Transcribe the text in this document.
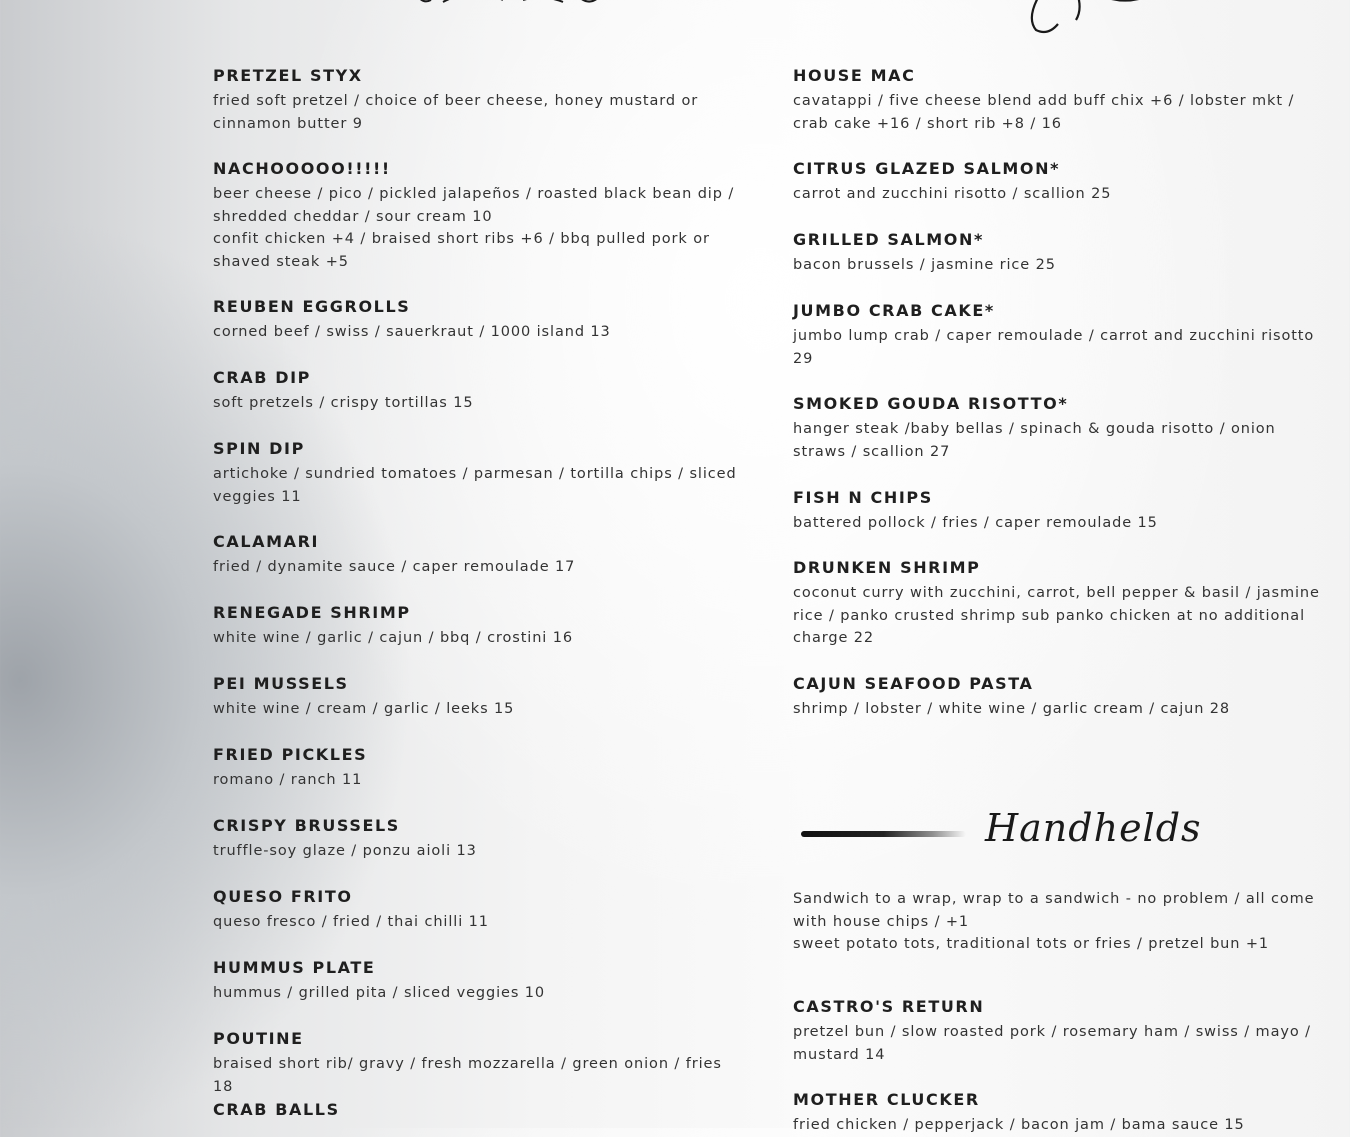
PRETZEL STYX

fried soft pretzel / choice of beer cheese, honey mustard or cinnamon butter 9

NACHOOOOO!!!!!

beer cheese / pico / pickled jalapeños / roasted black bean dip / shredded cheddar / sour cream 10

confit chicken +4 / braised short ribs +6 / bbq pulled pork or shaved steak +5

REUBEN EGGROLLS

corned beef / swiss / sauerkraut / 1000 island 13

CRAB DIP

soft pretzels / crispy tortillas 15

SPIN DIP

artichoke / sundried tomatoes / parmesan / tortilla chips / sliced veggies 11

CALAMARI

fried / dynamite sauce / caper remoulade 17

RENEGADE SHRIMP

white wine / garlic / cajun / bbq / crostini 16

PEI MUSSELS

white wine / cream / garlic / leeks 15

FRIED PICKLES

romano / ranch 11

CRISPY BRUSSELS

truffle-soy glaze / ponzu aioli 13

QUESO FRITO

queso fresco / fried / thai chilli 11

HUMMUS PLATE

hummus / grilled pita / sliced veggies 10

POUTINE

braised short rib/ gravy / fresh mozzarella / green onion / fries 18

CRAB BALLS

HOUSE MAC

cavatappi / five cheese blend add buff chix +6 / lobster mkt / crab cake +16 / short rib +8 / 16

CITRUS GLAZED SALMON*

carrot and zucchini risotto / scallion 25

GRILLED SALMON*

bacon brussels / jasmine rice 25

JUMBO CRAB CAKE*

jumbo lump crab / caper remoulade / carrot and zucchini risotto 29

SMOKED GOUDA RISOTTO*

hanger steak /baby bellas / spinach & gouda risotto / onion straws / scallion 27

FISH N CHIPS

battered pollock / fries / caper remoulade 15

DRUNKEN SHRIMP

coconut curry with zucchini, carrot, bell pepper & basil / jasmine rice / panko crusted shrimp sub panko chicken at no additional charge 22

CAJUN SEAFOOD PASTA

shrimp / lobster / white wine / garlic cream / cajun 28

Handhelds

Sandwich to a wrap, wrap to a sandwich - no problem / all come with house chips / +1

sweet potato tots, traditional tots or fries / pretzel bun +1

CASTRO'S RETURN

pretzel bun / slow roasted pork / rosemary ham / swiss / mayo / mustard 14

MOTHER CLUCKER

fried chicken / pepperjack / bacon jam / bama sauce 15
